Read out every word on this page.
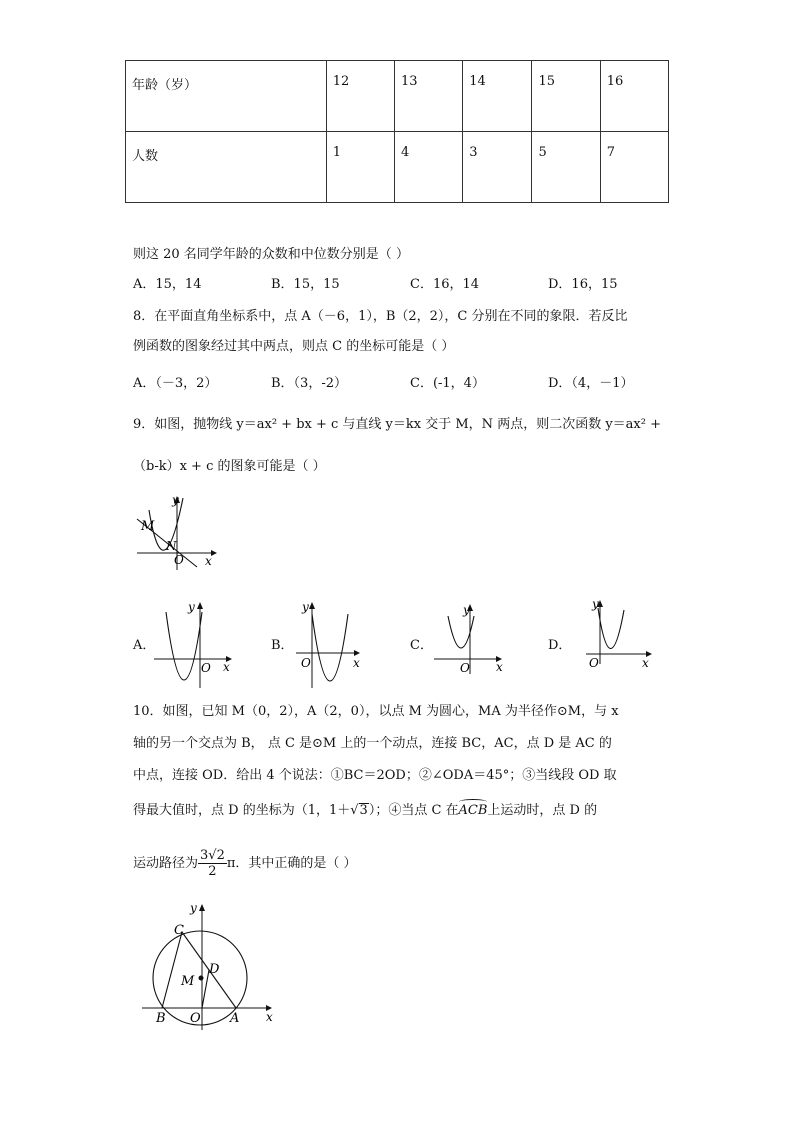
年龄（岁）	12	13	14	15	16
人数	1	4	3	5	7
则这 20 名同学年龄的众数和中位数分别是（ ）
A．15，14	B．15，15	C．16，14	D．16，15
8．在平面直角坐标系中，点 A（－6，1），B（2，2），C 分别在不同的象限．若反比
例函数的图象经过其中两点，则点 C 的坐标可能是（ ）
A．（－3，2）	B．（3，-2）	C．(-1，4）	D．（4，－1）
9．如图，抛物线 y＝ax² + bx + c 与直线 y＝kx 交于 M，N 两点，则二次函数 y＝ax² +
（b-k）x + c 的图象可能是（ ）
M
N
O
y
x
A．
O
y
x
B．
O
y
x
C．
O
y
x
D．
O
y
x
10．如图，已知 M（0，2），A（2，0），以点 M 为圆心，MA 为半径作⊙M，与 x
轴的另一个交点为 B， 点 C 是⊙M 上的一个动点，连接 BC，AC，点 D 是 AC 的
中点，连接 OD．给出 4 个说法：①BC＝2OD；②∠ODA＝45°；③当线段 OD 取
得最大值时，点 D 的坐标为（1，1＋√3）；④当点 C 在ACB上运动时，点 D 的
运动路径为 $\frac{3√2}{2}$ π．其中正确的是（ ）
C
y
D
M
B O A x
